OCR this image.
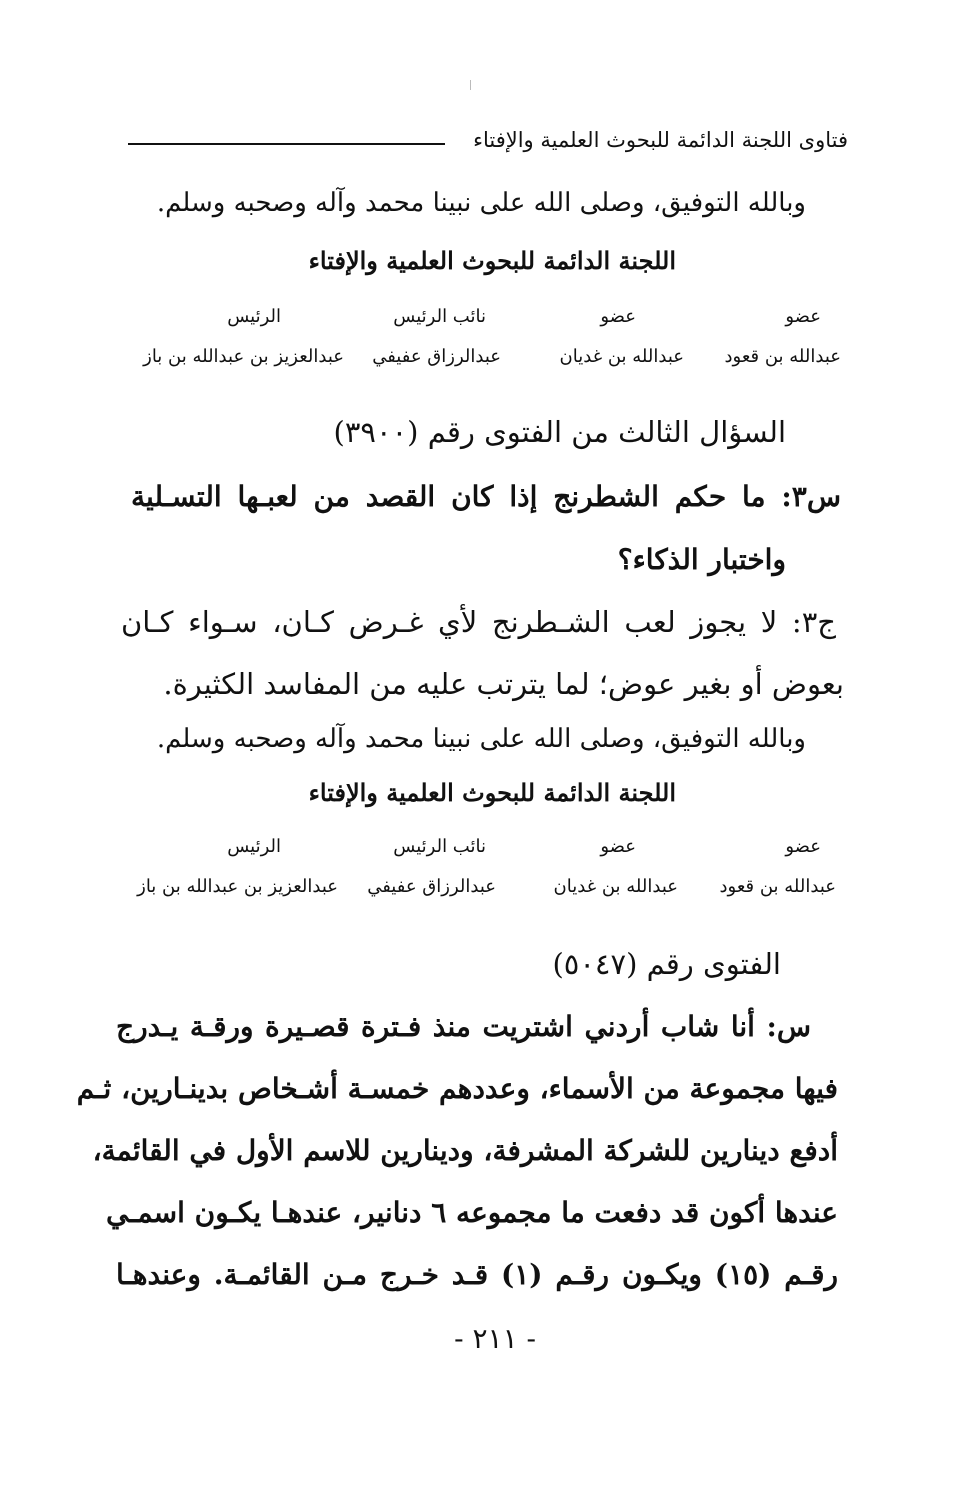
فتاوى اللجنة الدائمة للبحوث العلمية والإفتاء
وبالله التوفيق، وصلى الله على نبينا محمد وآله وصحبه وسلم.
اللجنة الدائمة للبحوث العلمية والإفتاء
عضو
عضو
نائب الرئيس
الرئيس
عبدالله بن قعود
عبدالله بن غديان
عبدالرزاق عفيفي
عبدالعزيز بن عبدالله بن باز
السؤال الثالث من الفتوى رقم (٣٩٠٠)
س٣: ما حكم الشطرنج إذا كان القصد من لعبـها التسـلية
واختبار الذكاء؟
ج٣: لا يجوز لعب الشـطرنج لأي غـرض كـان، سـواء كـان
بعوض أو بغير عوض؛ لما يترتب عليه من المفاسد الكثيرة.
وبالله التوفيق، وصلى الله على نبينا محمد وآله وصحبه وسلم.
اللجنة الدائمة للبحوث العلمية والإفتاء
عضو
عضو
نائب الرئيس
الرئيس
عبدالله بن قعود
عبدالله بن غديان
عبدالرزاق عفيفي
عبدالعزيز بن عبدالله بن باز
الفتوى رقم (٥٠٤٧)
س: أنا شاب أردني اشتريت منذ فـترة قصـيرة ورقـة يـدرج
فيها مجموعة من الأسماء، وعددهم خمسـة أشـخاص بدينـارين، ثـم
أدفع دينارين للشركة المشرفة، ودينارين للاسم الأول في القائمة،
عندها أكون قد دفعت ما مجموعه ٦ دنانير، عندهـا يكـون اسمـي
رقـم (١٥) ويكـون رقـم (١) قـد خـرج مـن القائمـة. وعندهـا
- ٢١١ -
